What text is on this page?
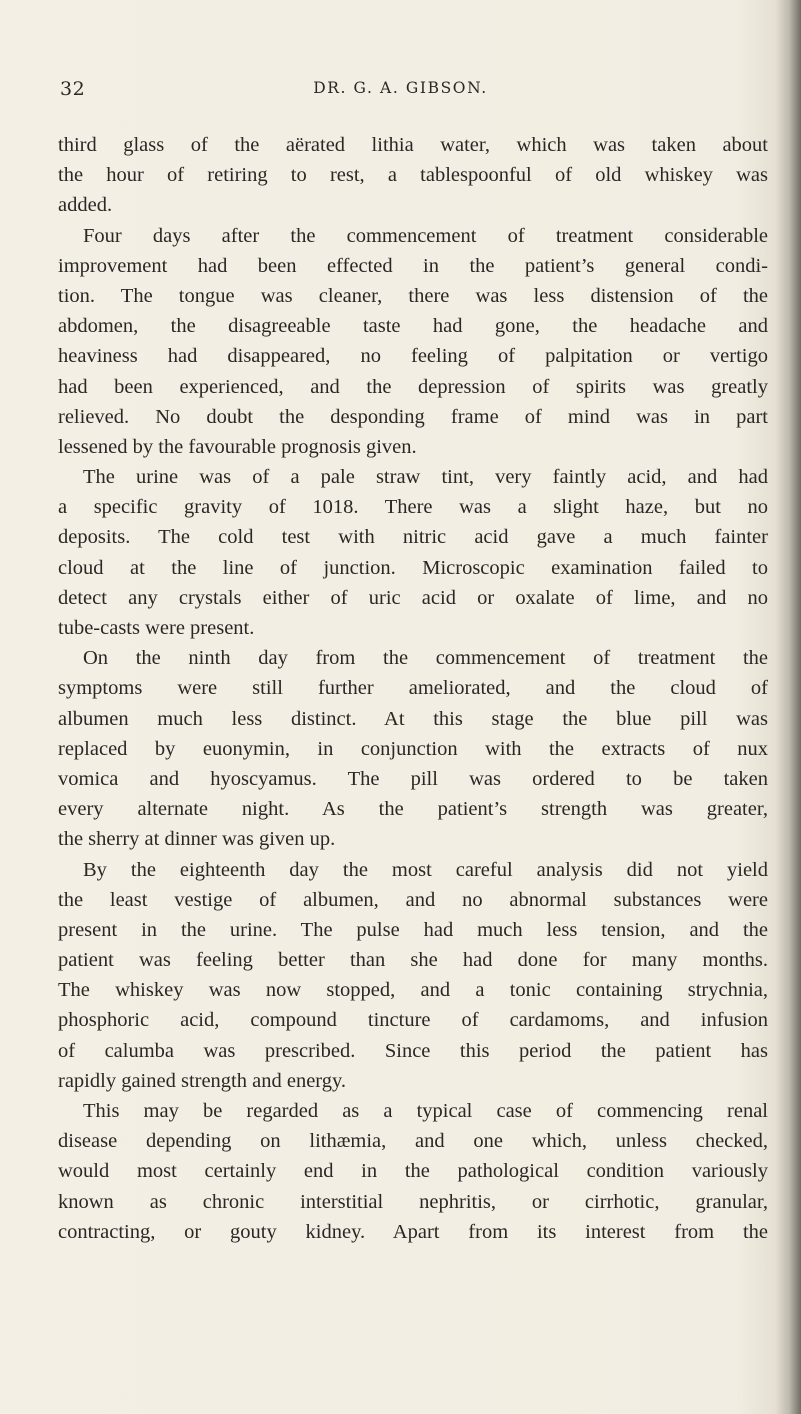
32	DR. G. A. GIBSON.
third glass of the aërated lithia water, which was taken about
the hour of retiring to rest, a tablespoonful of old whiskey was
added.
Four days after the commencement of treatment considerable
improvement had been effected in the patient’s general condi-
tion. The tongue was cleaner, there was less distension of the
abdomen, the disagreeable taste had gone, the headache and
heaviness had disappeared, no feeling of palpitation or vertigo
had been experienced, and the depression of spirits was greatly
relieved. No doubt the desponding frame of mind was in part
lessened by the favourable prognosis given.
The urine was of a pale straw tint, very faintly acid, and had
a specific gravity of 1018. There was a slight haze, but no
deposits. The cold test with nitric acid gave a much fainter
cloud at the line of junction. Microscopic examination failed to
detect any crystals either of uric acid or oxalate of lime, and no
tube-casts were present.
On the ninth day from the commencement of treatment the
symptoms were still further ameliorated, and the cloud of
albumen much less distinct. At this stage the blue pill was
replaced by euonymin, in conjunction with the extracts of nux
vomica and hyoscyamus. The pill was ordered to be taken
every alternate night. As the patient’s strength was greater,
the sherry at dinner was given up.
By the eighteenth day the most careful analysis did not yield
the least vestige of albumen, and no abnormal substances were
present in the urine. The pulse had much less tension, and the
patient was feeling better than she had done for many months.
The whiskey was now stopped, and a tonic containing strychnia,
phosphoric acid, compound tincture of cardamoms, and infusion
of calumba was prescribed. Since this period the patient has
rapidly gained strength and energy.
This may be regarded as a typical case of commencing renal
disease depending on lithæmia, and one which, unless checked,
would most certainly end in the pathological condition variously
known as chronic interstitial nephritis, or cirrhotic, granular,
contracting, or gouty kidney. Apart from its interest from the
